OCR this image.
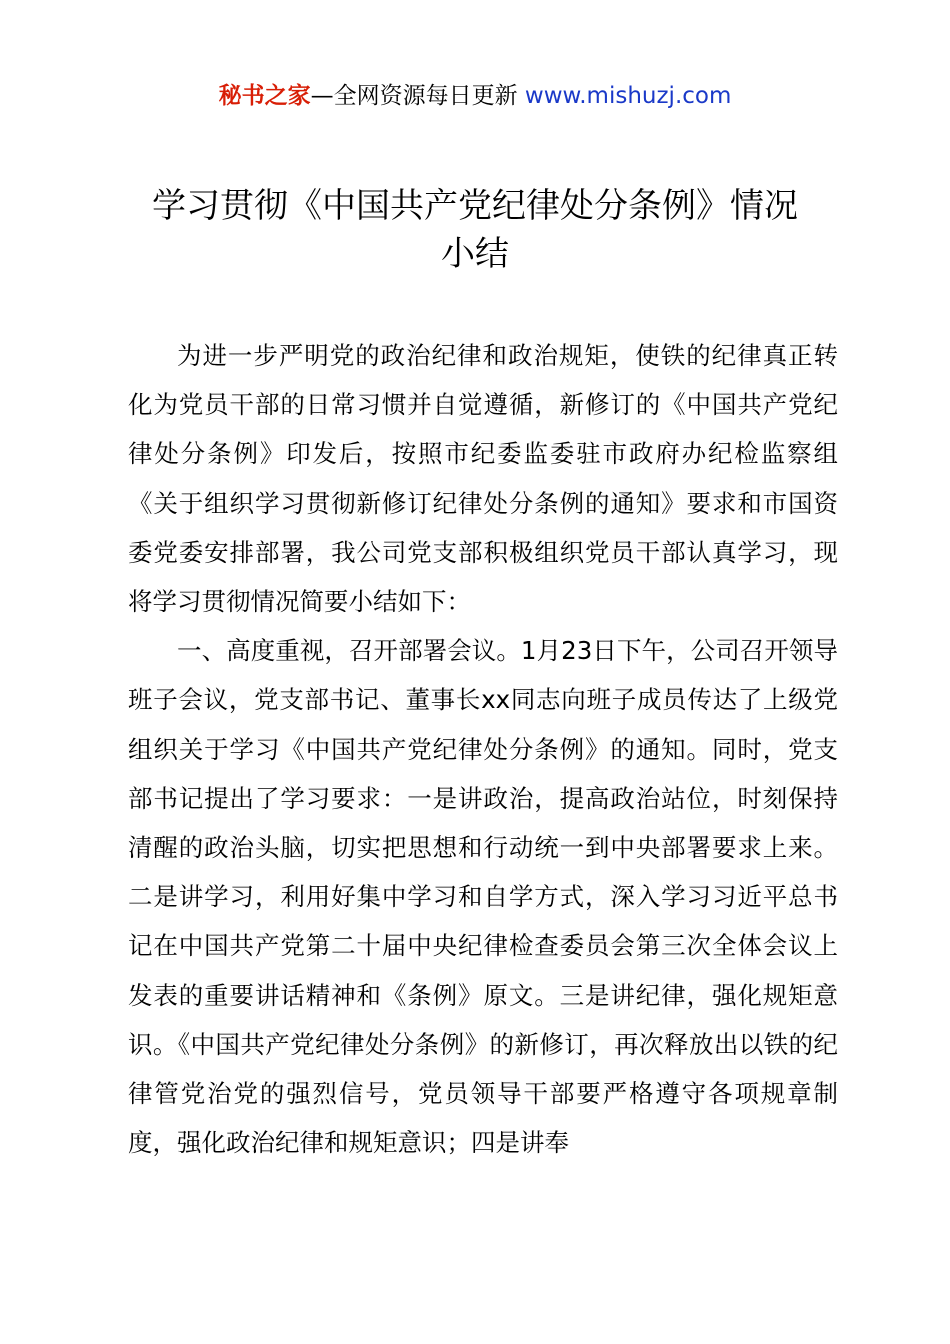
秘书之家—全网资源每日更新 www.mishuzj.com
学习贯彻《中国共产党纪律处分条例》情况
小结

为进一步严明党的政治纪律和政治规矩，使铁的纪律真正转化为党员干部的日常习惯并自觉遵循，新修订的《中国共产党纪律处分条例》印发后，按照市纪委监委驻市政府办纪检监察组《关于组织学习贯彻新修订纪律处分条例的通知》要求和市国资委党委安排部署，我公司党支部积极组织党员干部认真学习，现将学习贯彻情况简要小结如下：

一、高度重视，召开部署会议。1月23日下午，公司召开领导班子会议，党支部书记、董事长xx同志向班子成员传达了上级党组织关于学习《中国共产党纪律处分条例》的通知。同时，党支部书记提出了学习要求：一是讲政治，提高政治站位，时刻保持清醒的政治头脑，切实把思想和行动统一到中央部署要求上来。二是讲学习，利用好集中学习和自学方式，深入学习习近平总书记在中国共产党第二十届中央纪律检查委员会第三次全体会议上发表的重要讲话精神和《条例》原文。三是讲纪律，强化规矩意识。《中国共产党纪律处分条例》的新修订，再次释放出以铁的纪律管党治党的强烈信号，党员领导干部要严格遵守各项规章制度，强化政治纪律和规矩意识；四是讲奉
